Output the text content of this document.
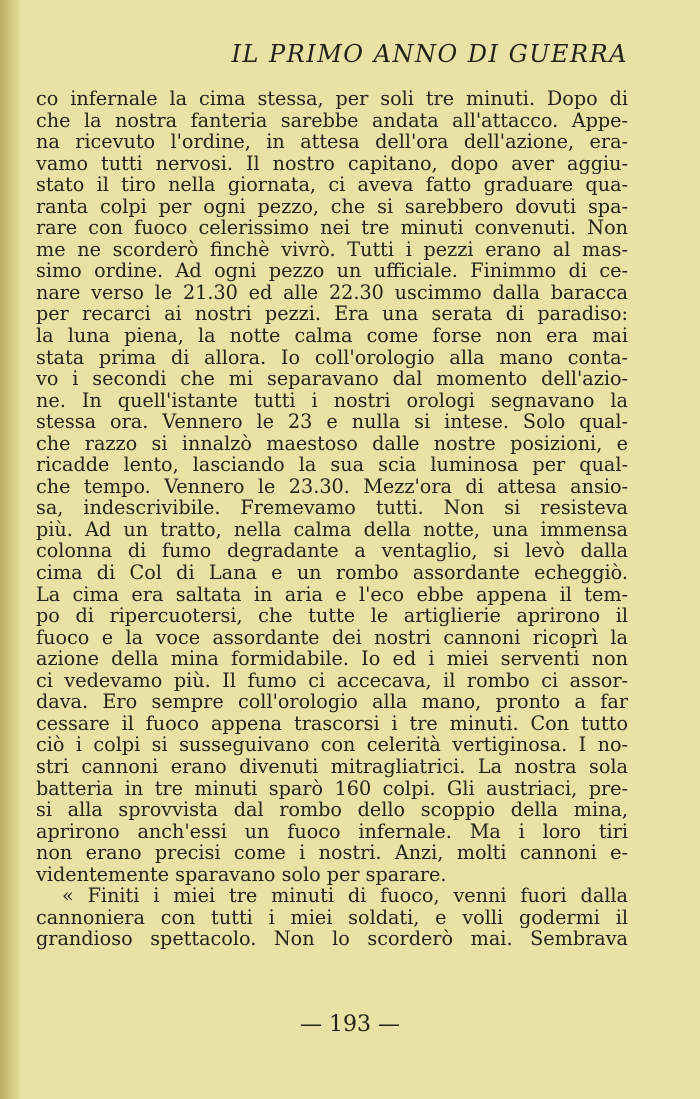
IL PRIMO ANNO DI GUERRA
co infernale la cima stessa, per soli tre minuti. Dopo di
che la nostra fanteria sarebbe andata all'attacco. Appe-
na ricevuto l'ordine, in attesa dell'ora dell'azione, era-
vamo tutti nervosi. Il nostro capitano, dopo aver aggiu-
stato il tiro nella giornata, ci aveva fatto graduare qua-
ranta colpi per ogni pezzo, che si sarebbero dovuti spa-
rare con fuoco celerissimo nei tre minuti convenuti. Non
me ne scorderò finchè vivrò. Tutti i pezzi erano al mas-
simo ordine. Ad ogni pezzo un ufficiale. Finimmo di ce-
nare verso le 21.30 ed alle 22.30 uscimmo dalla baracca
per recarci ai nostri pezzi. Era una serata di paradiso:
la luna piena, la notte calma come forse non era mai
stata prima di allora. Io coll'orologio alla mano conta-
vo i secondi che mi separavano dal momento dell'azio-
ne. In quell'istante tutti i nostri orologi segnavano la
stessa ora. Vennero le 23 e nulla si intese. Solo qual-
che razzo si innalzò maestoso dalle nostre posizioni, e
ricadde lento, lasciando la sua scia luminosa per qual-
che tempo. Vennero le 23.30. Mezz'ora di attesa ansio-
sa, indescrivibile. Fremevamo tutti. Non si resisteva
più. Ad un tratto, nella calma della notte, una immensa
colonna di fumo degradante a ventaglio, si levò dalla
cima di Col di Lana e un rombo assordante echeggiò.
La cima era saltata in aria e l'eco ebbe appena il tem-
po di ripercuotersi, che tutte le artiglierie aprirono il
fuoco e la voce assordante dei nostri cannoni ricoprì la
azione della mina formidabile. Io ed i miei serventi non
ci vedevamo più. Il fumo ci accecava, il rombo ci assor-
dava. Ero sempre coll'orologio alla mano, pronto a far
cessare il fuoco appena trascorsi i tre minuti. Con tutto
ciò i colpi si susseguivano con celerità vertiginosa. I no-
stri cannoni erano divenuti mitragliatrici. La nostra sola
batteria in tre minuti sparò 160 colpi. Gli austriaci, pre-
si alla sprovvista dal rombo dello scoppio della mina,
aprirono anch'essi un fuoco infernale. Ma i loro tiri
non erano precisi come i nostri. Anzi, molti cannoni e-
videntemente sparavano solo per sparare.
« Finiti i miei tre minuti di fuoco, venni fuori dalla
cannoniera con tutti i miei soldati, e volli godermi il
grandioso spettacolo. Non lo scorderò mai. Sembrava
— 193 —
